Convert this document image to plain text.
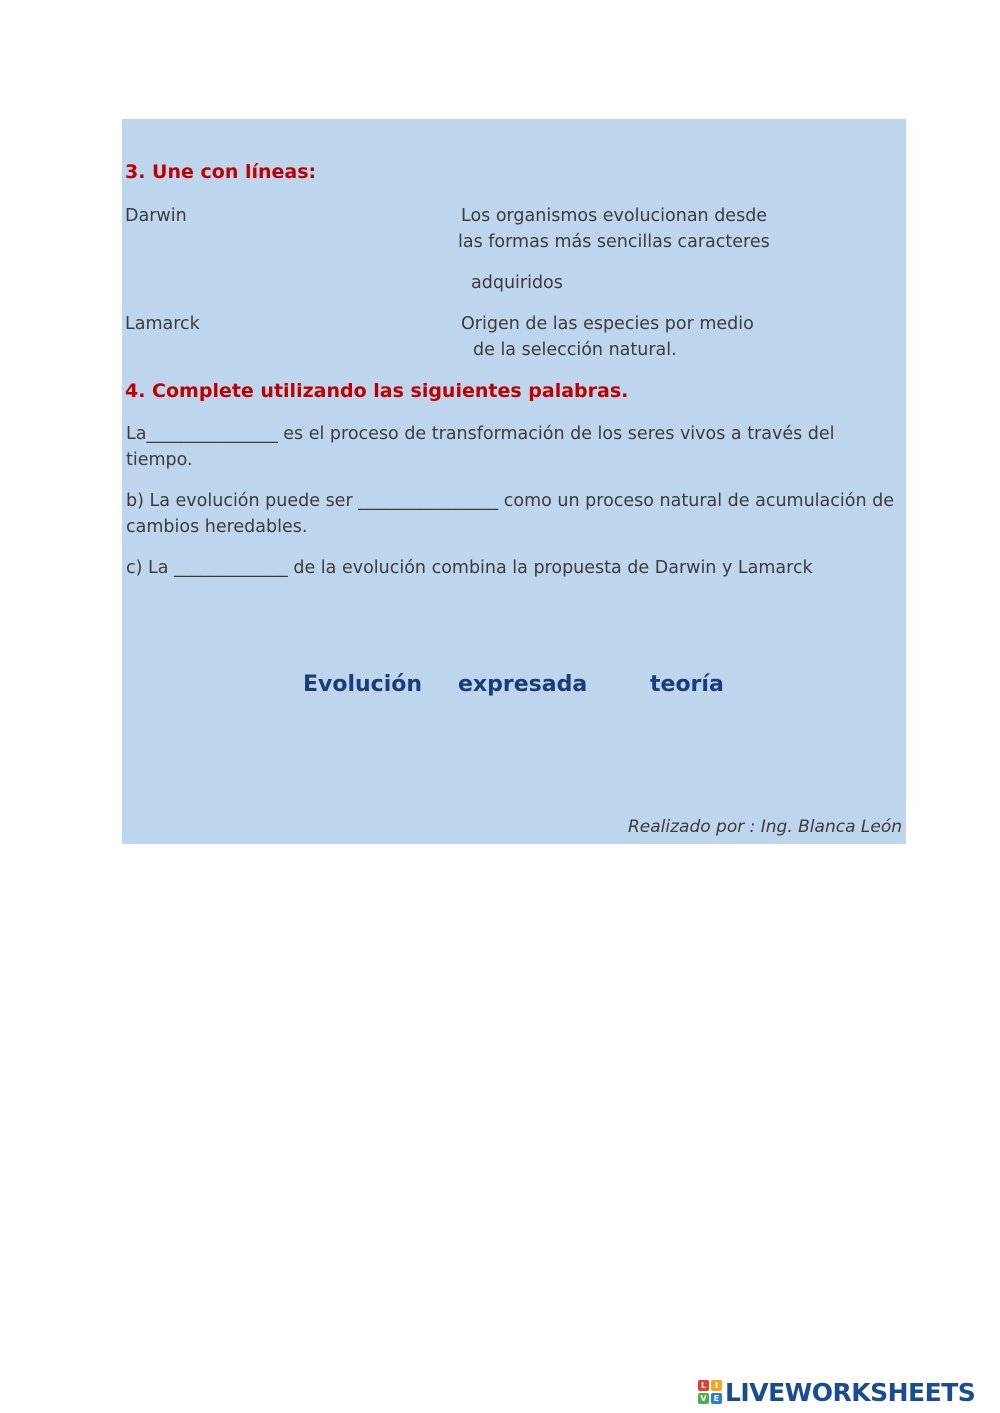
3. Une con líneas:
Darwin	Los organismos evolucionan desde
las formas más sencillas caracteres
adquiridos
Lamarck	Origen de las especies por medio
de la selección natural.
4. Complete utilizando las siguientes palabras.
La_______________ es el proceso de transformación de los seres vivos a través del tiempo.
b) La evolución puede ser ________________ como un proceso natural de acumulación de cambios heredables.
c) La _____________ de la evolución combina la propuesta de Darwin y Lamarck
Evolución expresada	teoría
Realizado por : Ing. Blanca León
L	I
V E LIVEWORKSHEETS
